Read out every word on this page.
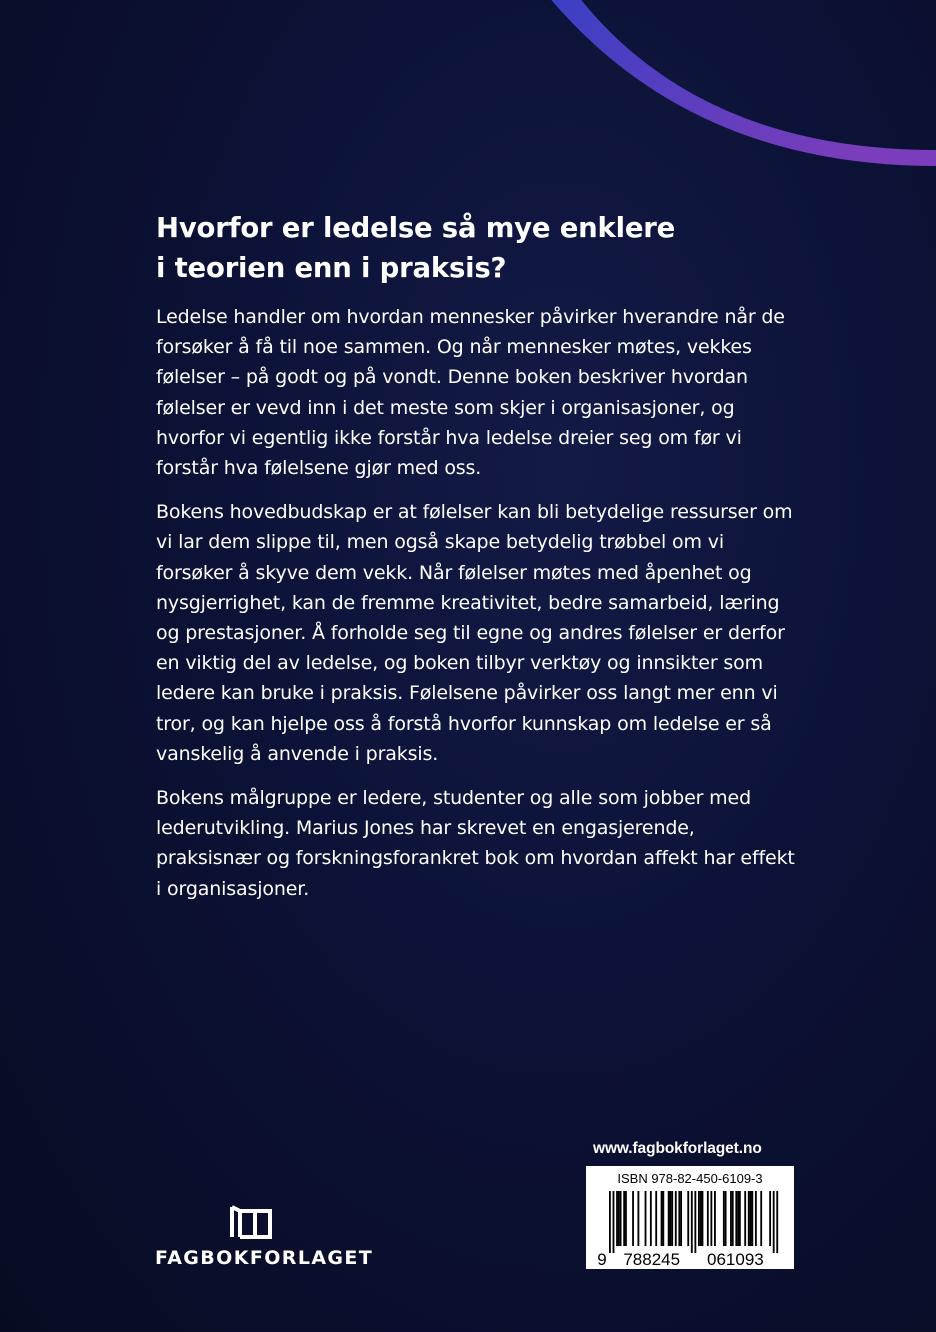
Hvorfor er ledelse så mye enklere
i teorien enn i praksis?

Ledelse handler om hvordan mennesker påvirker hverandre når de forsøker å få til noe sammen. Og når mennesker møtes, vekkes følelser – på godt og på vondt. Denne boken beskriver hvordan følelser er vevd inn i det meste som skjer i organisasjoner, og hvorfor vi egentlig ikke forstår hva ledelse dreier seg om før vi forstår hva følelsene gjør med oss.

Bokens hovedbudskap er at følelser kan bli betydelige ressurser om vi lar dem slippe til, men også skape betydelig trøbbel om vi forsøker å skyve dem vekk. Når følelser møtes med åpenhet og nysgjerrighet, kan de fremme kreativitet, bedre samarbeid, læring og prestasjoner. Å forholde seg til egne og andres følelser er derfor en viktig del av ledelse, og boken tilbyr verktøy og innsikter som ledere kan bruke i praksis. Følelsene påvirker oss langt mer enn vi tror, og kan hjelpe oss å forstå hvorfor kunnskap om ledelse er så vanskelig å anvende i praksis.

Bokens målgruppe er ledere, studenter og alle som jobber med lederutvikling. Marius Jones har skrevet en engasjerende, praksisnær og forskningsforankret bok om hvordan affekt har effekt i organisasjoner.

www.fagbokforlaget.no
9 788245 061093
ISBN 978-82-450-6109-3
FAGBOKFORLAGET
